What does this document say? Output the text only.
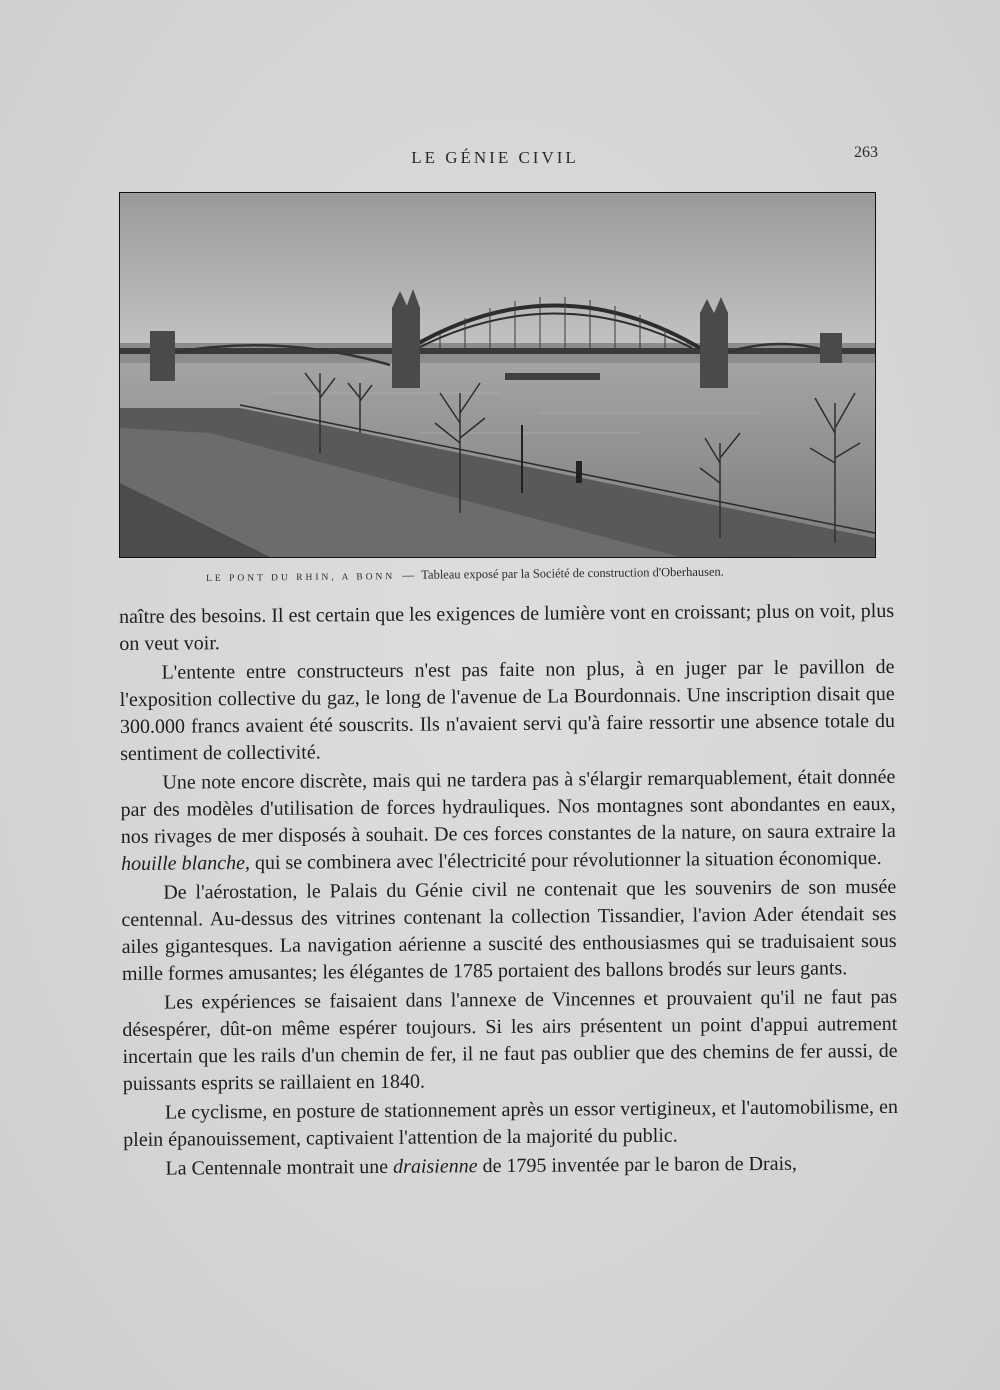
LE GÉNIE CIVIL	263
LE PONT DU RHIN, A BONN — Tableau exposé par la Société de construction d'Oberhausen.

naître des besoins. Il est certain que les exigences de lumière vont en croissant; plus on voit, plus on veut voir.

L'entente entre constructeurs n'est pas faite non plus, à en juger par le pavillon de l'exposition collective du gaz, le long de l'avenue de La Bourdonnais. Une inscription disait que 300.000 francs avaient été souscrits. Ils n'avaient servi qu'à faire ressortir une absence totale du sentiment de collectivité.

Une note encore discrète, mais qui ne tardera pas à s'élargir remarquablement, était donnée par des modèles d'utilisation de forces hydrauliques. Nos montagnes sont abondantes en eaux, nos rivages de mer disposés à souhait. De ces forces constantes de la nature, on saura extraire la houille blanche, qui se combinera avec l'électricité pour révolutionner la situation économique.

De l'aérostation, le Palais du Génie civil ne contenait que les souvenirs de son musée centennal. Au-dessus des vitrines contenant la collection Tissandier, l'avion Ader étendait ses ailes gigantesques. La navigation aérienne a suscité des enthousiasmes qui se traduisaient sous mille formes amusantes; les élégantes de 1785 portaient des ballons brodés sur leurs gants.

Les expériences se faisaient dans l'annexe de Vincennes et prouvaient qu'il ne faut pas désespérer, dût-on même espérer toujours. Si les airs présentent un point d'appui autrement incertain que les rails d'un chemin de fer, il ne faut pas oublier que des chemins de fer aussi, de puissants esprits se raillaient en 1840.

Le cyclisme, en posture de stationnement après un essor vertigineux, et l'automobilisme, en plein épanouissement, captivaient l'attention de la majorité du public.

La Centennale montrait une draisienne de 1795 inventée par le baron de Drais,
